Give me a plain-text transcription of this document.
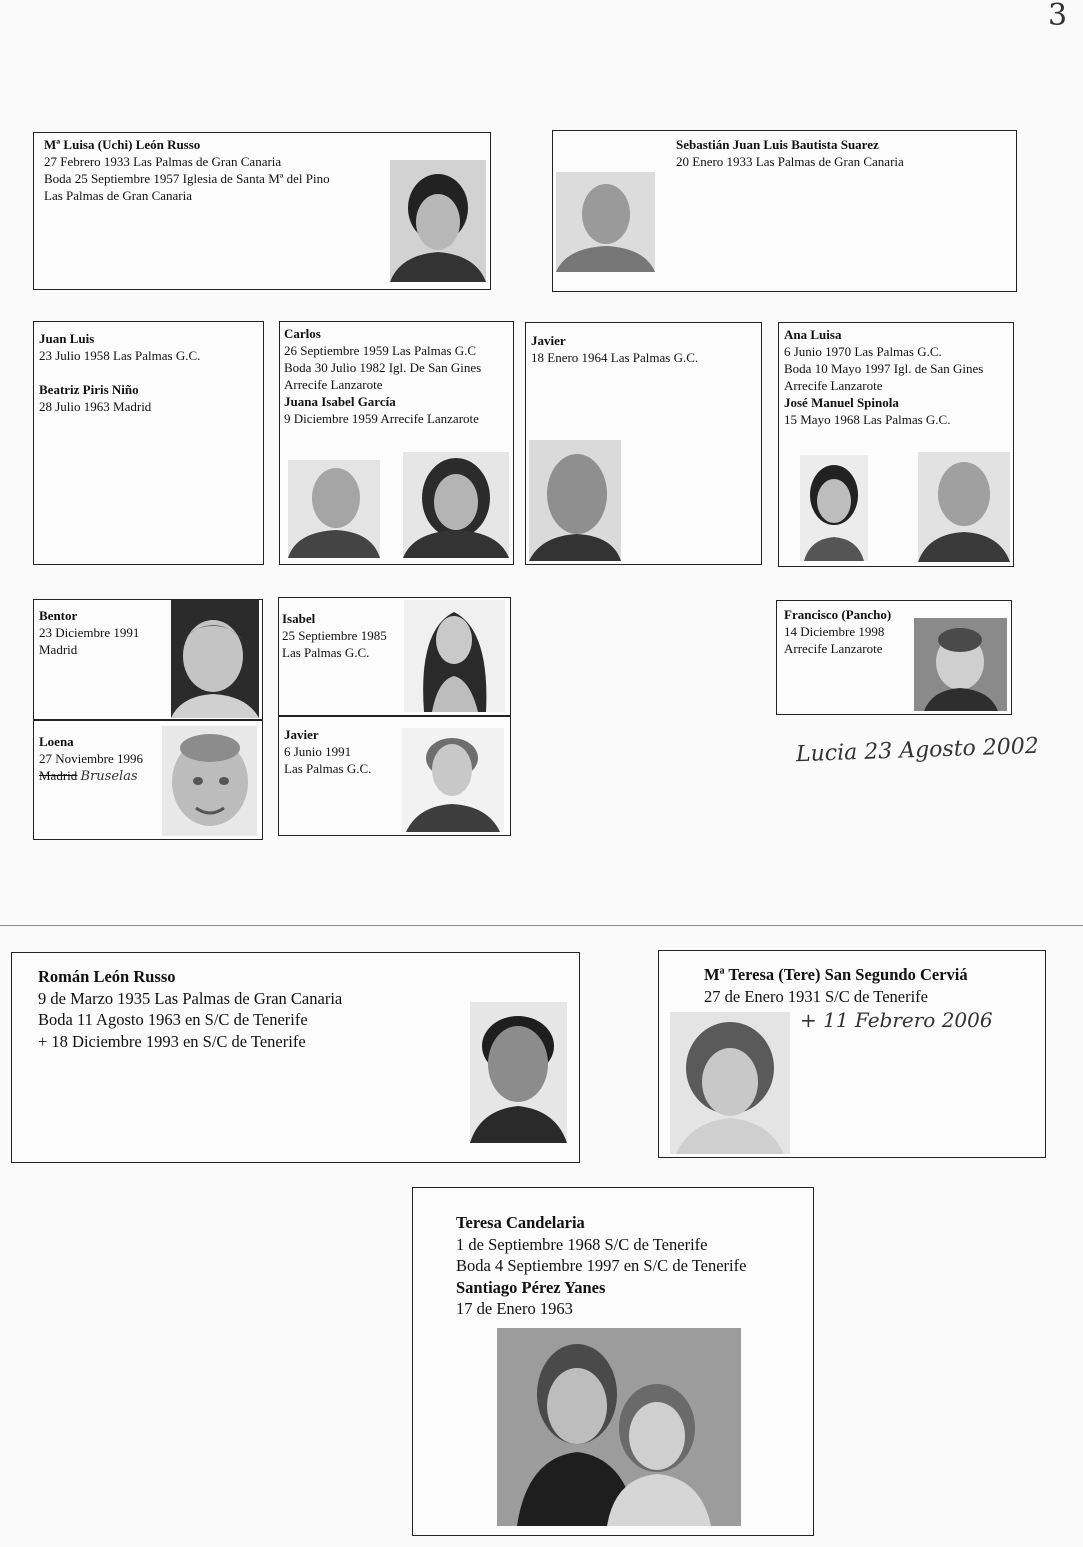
3
Mª Luisa (Uchi) León Russo
27 Febrero 1933 Las Palmas de Gran Canaria
Boda 25 Septiembre 1957 Iglesia de Santa Mª del Pino
Las Palmas de Gran Canaria
Sebastián Juan Luis Bautista Suarez
20 Enero 1933 Las Palmas de Gran Canaria
Juan Luis
23 Julio 1958 Las Palmas G.C.

Beatriz Piris Niño
28 Julio 1963 Madrid
Carlos
26 Septiembre 1959 Las Palmas G.C
Boda 30 Julio 1982 Igl. De San Gines
Arrecife Lanzarote
Juana Isabel García
9 Diciembre 1959 Arrecife Lanzarote
Javier
18 Enero 1964 Las Palmas G.C.
Ana Luisa
6 Junio 1970 Las Palmas G.C.
Boda 10 Mayo 1997 Igl. de San Gines
Arrecife Lanzarote
José Manuel Spinola
15 Mayo 1968 Las Palmas G.C.
Bentor
23 Diciembre 1991
Madrid
Loena
27 Noviembre 1996
Madrid Bruselas
Isabel
25 Septiembre 1985
Las Palmas G.C.
Javier
6 Junio 1991
Las Palmas G.C.
Francisco (Pancho)
14 Diciembre 1998
Arrecife Lanzarote
Lucia 23 Agosto 2002
Román León Russo
9 de Marzo 1935 Las Palmas de Gran Canaria
Boda 11 Agosto 1963 en S/C de Tenerife
+ 18 Diciembre 1993 en S/C de Tenerife
Mª Teresa (Tere) San Segundo Cerviá
27 de Enero 1931 S/C de Tenerife
+ 11 Febrero 2006
Teresa Candelaria
1 de Septiembre 1968 S/C de Tenerife
Boda 4 Septiembre 1997 en S/C de Tenerife
Santiago Pérez Yanes
17 de Enero 1963
